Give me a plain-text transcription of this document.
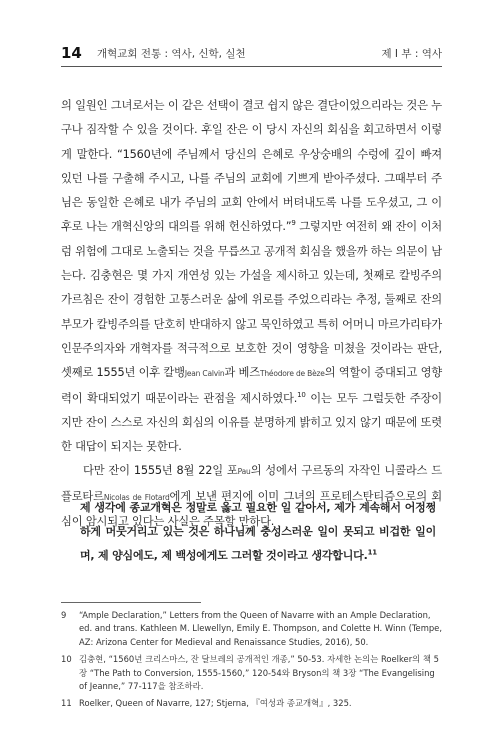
14 개혁교회 전통 : 역사, 신학, 실천	제 I 부 : 역사

의 일원인 그녀로서는 이 같은 선택이 결코 쉽지 않은 결단이었으리라는 것은 누구나 짐작할 수 있을 것이다. 후일 잔은 이 당시 자신의 회심을 회고하면서 이렇게 말한다. “1560년에 주님께서 당신의 은혜로 우상숭배의 수렁에 깊이 빠져 있던 나를 구출해 주시고, 나를 주님의 교회에 기쁘게 받아주셨다. 그때부터 주님은 동일한 은혜로 내가 주님의 교회 안에서 버텨내도록 나를 도우셨고, 그 이후로 나는 개혁신앙의 대의를 위해 헌신하였다.”$^9$ 그렇지만 여전히 왜 잔이 이처럼 위험에 그대로 노출되는 것을 무릅쓰고 공개적 회심을 했을까 하는 의문이 남는다. 김충현은 몇 가지 개연성 있는 가설을 제시하고 있는데, 첫째로 칼빙주의 가르침은 잔이 경험한 고통스러운 삶에 위로를 주었으리라는 추정, 둘째로 잔의 부모가 칼빙주의를 단호히 반대하지 않고 묵인하였고 특히 어머니 마르가리타가 인문주의자와 개혁자를 적극적으로 보호한 것이 영향을 미쳤을 것이라는 판단, 셋째로 1555년 이후 칼뱅Jean Calvin과 베즈Théodore de Bèze의 역할이 증대되고 영향력이 확대되었기 때문이라는 관점을 제시하였다.$^{10}$ 이는 모두 그럴듯한 주장이지만 잔이 스스로 자신의 회심의 이유를 분명하게 밝히고 있지 않기 때문에 또렷한 대답이 되지는 못한다.

다만 잔이 1555년 8월 22일 포Pau의 성에서 구르동의 자작인 니콜라스 드 플로타르Nicolas de Flotard에게 보낸 편지에 이미 그녀의 프로테스탄티즘으로의 회심이 암시되고 있다는 사실은 주목할 만하다.

제 생각에 종교개혁은 정말로 옳고 필요한 일 같아서, 제가 계속해서 어정쩡하게 머뭇거리고 있는 것은 하나님께 충성스러운 일이 못되고 비겁한 일이며, 제 양심에도, 제 백성에게도 그러할 것이라고 생각합니다.$^{11}$
9	“Ample Declaration,” Letters from the Queen of Navarre with an Ample Declaration, ed. and trans. Kathleen M. Llewellyn, Emily E. Thompson, and Colette H. Winn (Tempe, AZ: Arizona Center for Medieval and Renaissance Studies, 2016), 50.
10 김충현, “1560년 크리스마스, 잔 달브레의 공개적인 개종,” 50-53. 자세한 논의는 Roelker의 책 5장 “The Path to Conversion, 1555-1560,” 120-54와 Bryson의 책 3장 “The Evangelising of Jeanne,” 77-117을 참조하라.
11 Roelker, Queen of Navarre, 127; Stjerna, 『여성과 종교개혁』, 325.
